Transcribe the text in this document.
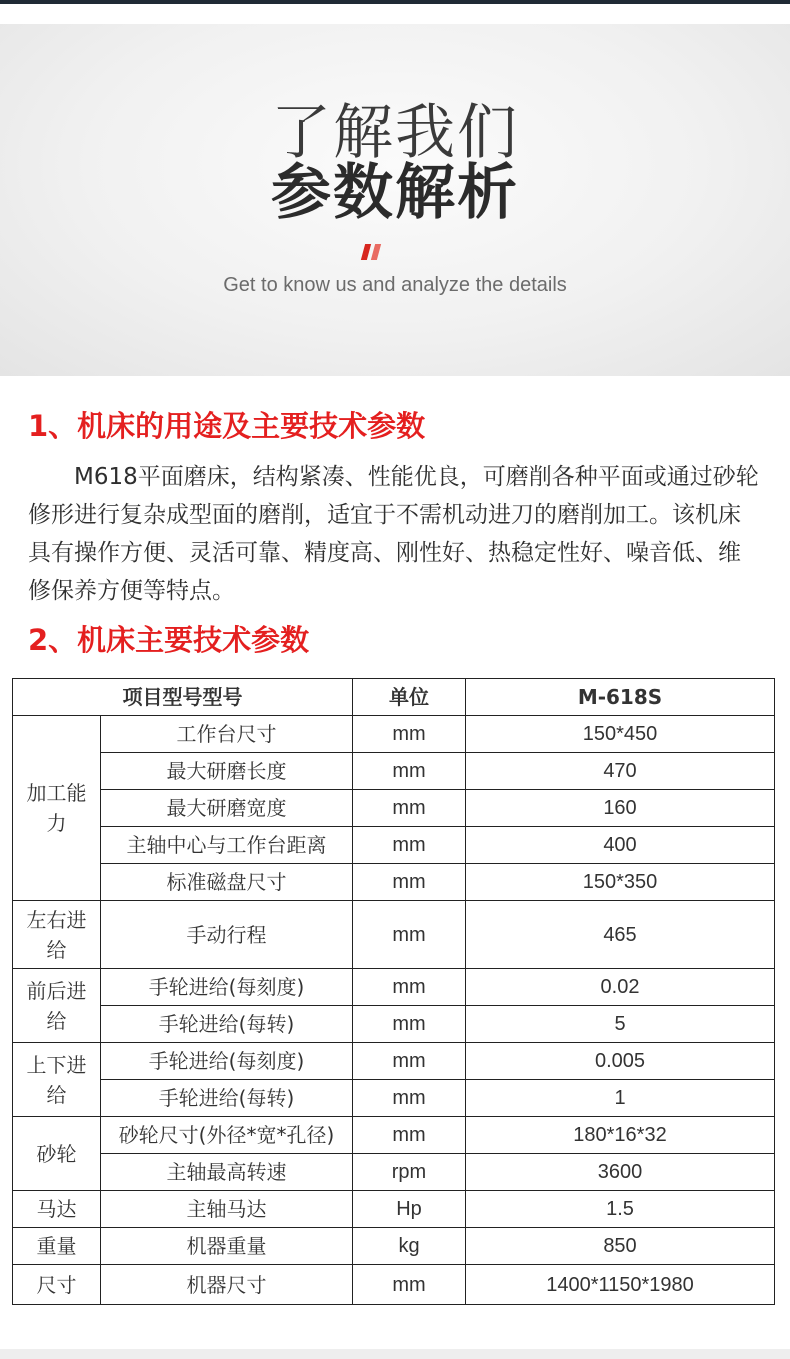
了解我们
参数解析
Get to know us and analyze the details
1、机床的用途及主要技术参数
M618平面磨床，结构紧凑、性能优良，可磨削各种平面或通过砂轮修形进行复杂成型面的磨削，适宜于不需机动进刀的磨削加工。该机床具有操作方便、灵活可靠、精度高、刚性好、热稳定性好、噪音低、维修保养方便等特点。
2、机床主要技术参数
项目型号型号		单位	M-618S
加工能力	工作台尺寸	mm	150*450
	最大研磨长度	mm	470
	最大研磨宽度	mm	160
	主轴中心与工作台距离	mm	400
	标准磁盘尺寸	mm	150*350
左右进给	手动行程	mm	465
前后进给	手轮进给(每刻度)	mm	0.02
	手轮进给(每转)	mm	5
上下进给	手轮进给(每刻度)	mm	0.005
	手轮进给(每转)	mm	1
砂轮	砂轮尺寸(外径*宽*孔径)	mm	180*16*32
	主轴最高转速	rpm	3600
马达	主轴马达	Hp	1.5
重量	机器重量	kg	850
尺寸	机器尺寸	mm	1400*1150*1980
